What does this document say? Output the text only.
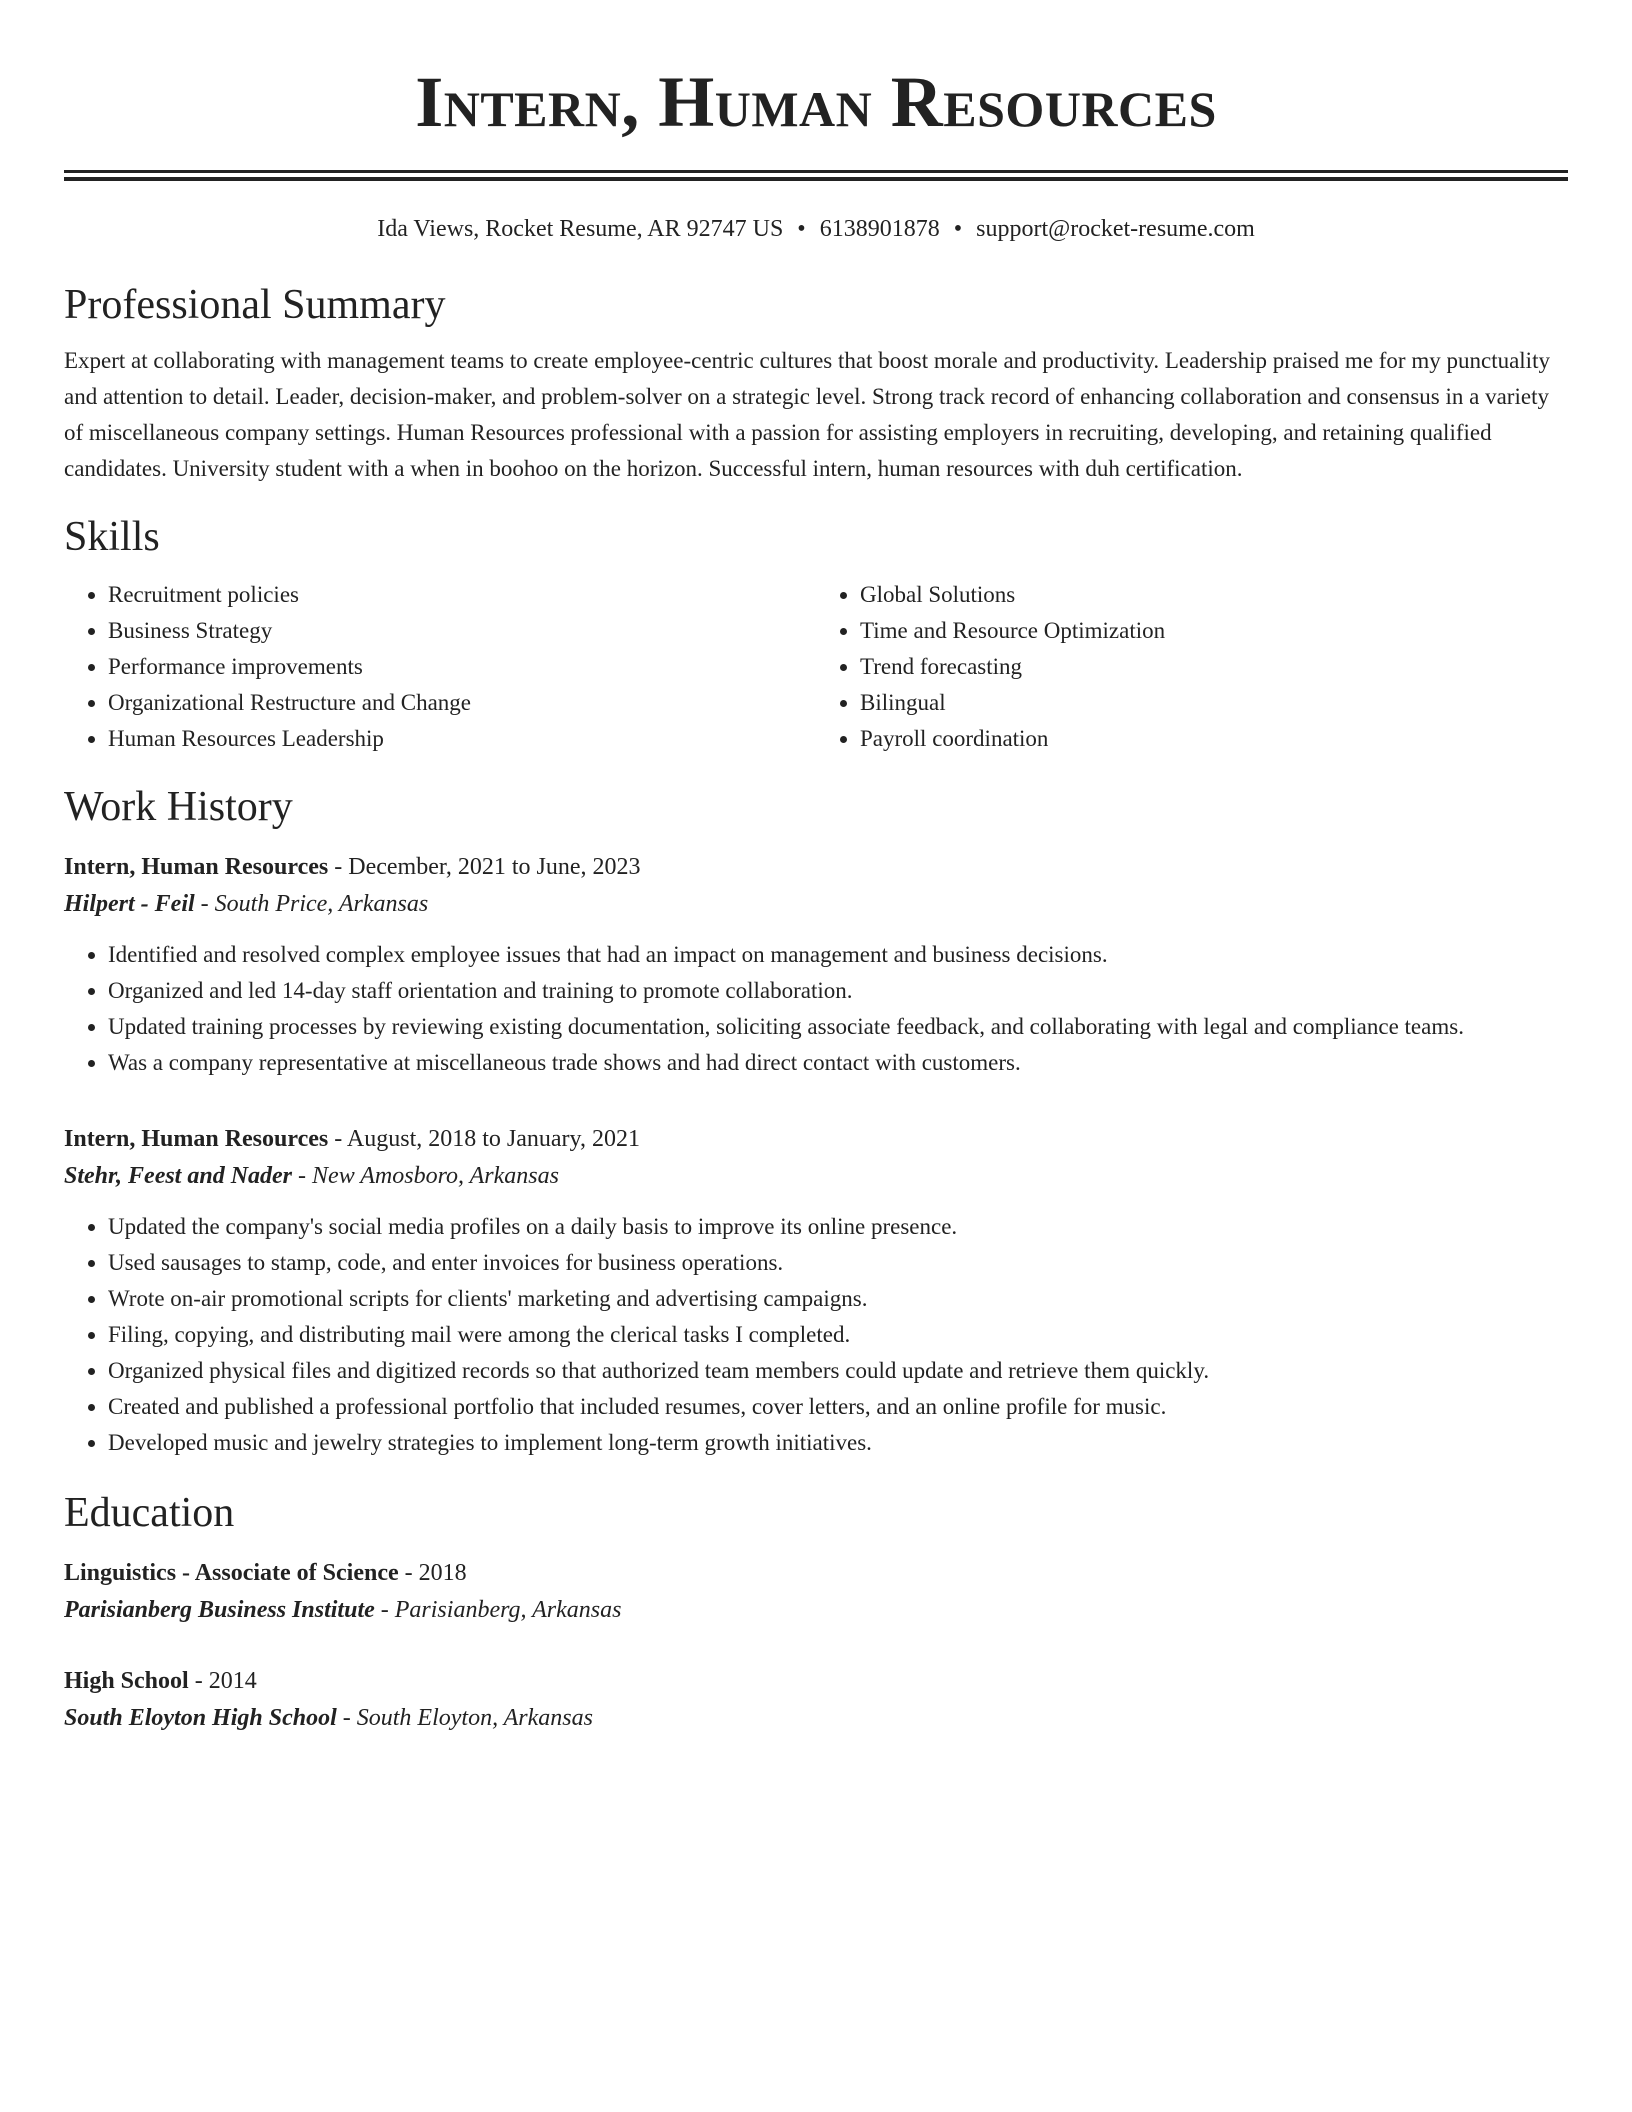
Intern, Human Resources
Ida Views, Rocket Resume, AR 92747 US • 6138901878 • support@rocket-resume.com
Professional Summary

Expert at collaborating with management teams to create employee-centric cultures that boost morale and productivity. Leadership praised me for my punctuality and attention to detail. Leader, decision-maker, and problem-solver on a strategic level. Strong track record of enhancing collaboration and consensus in a variety of miscellaneous company settings. Human Resources professional with a passion for assisting employers in recruiting, developing, and retaining qualified candidates. University student with a when in boohoo on the horizon. Successful intern, human resources with duh certification.

Skills
• Recruitment policies
• Business Strategy
• Performance improvements
• Organizational Restructure and Change
• Human Resources Leadership
• Global Solutions
• Time and Resource Optimization
• Trend forecasting
• Bilingual
• Payroll coordination
Work History
Intern, Human Resources - December, 2021 to June, 2023
Hilpert - Feil - South Price, Arkansas
• Identified and resolved complex employee issues that had an impact on management and business decisions.
• Organized and led 14-day staff orientation and training to promote collaboration.
• Updated training processes by reviewing existing documentation, soliciting associate feedback, and collaborating with legal and compliance teams.
• Was a company representative at miscellaneous trade shows and had direct contact with customers.
Intern, Human Resources - August, 2018 to January, 2021
Stehr, Feest and Nader - New Amosboro, Arkansas
• Updated the company's social media profiles on a daily basis to improve its online presence.
• Used sausages to stamp, code, and enter invoices for business operations.
• Wrote on-air promotional scripts for clients' marketing and advertising campaigns.
• Filing, copying, and distributing mail were among the clerical tasks I completed.
• Organized physical files and digitized records so that authorized team members could update and retrieve them quickly.
• Created and published a professional portfolio that included resumes, cover letters, and an online profile for music.
• Developed music and jewelry strategies to implement long-term growth initiatives.
Education
Linguistics - Associate of Science - 2018
Parisianberg Business Institute - Parisianberg, Arkansas
High School - 2014
South Eloyton High School - South Eloyton, Arkansas
